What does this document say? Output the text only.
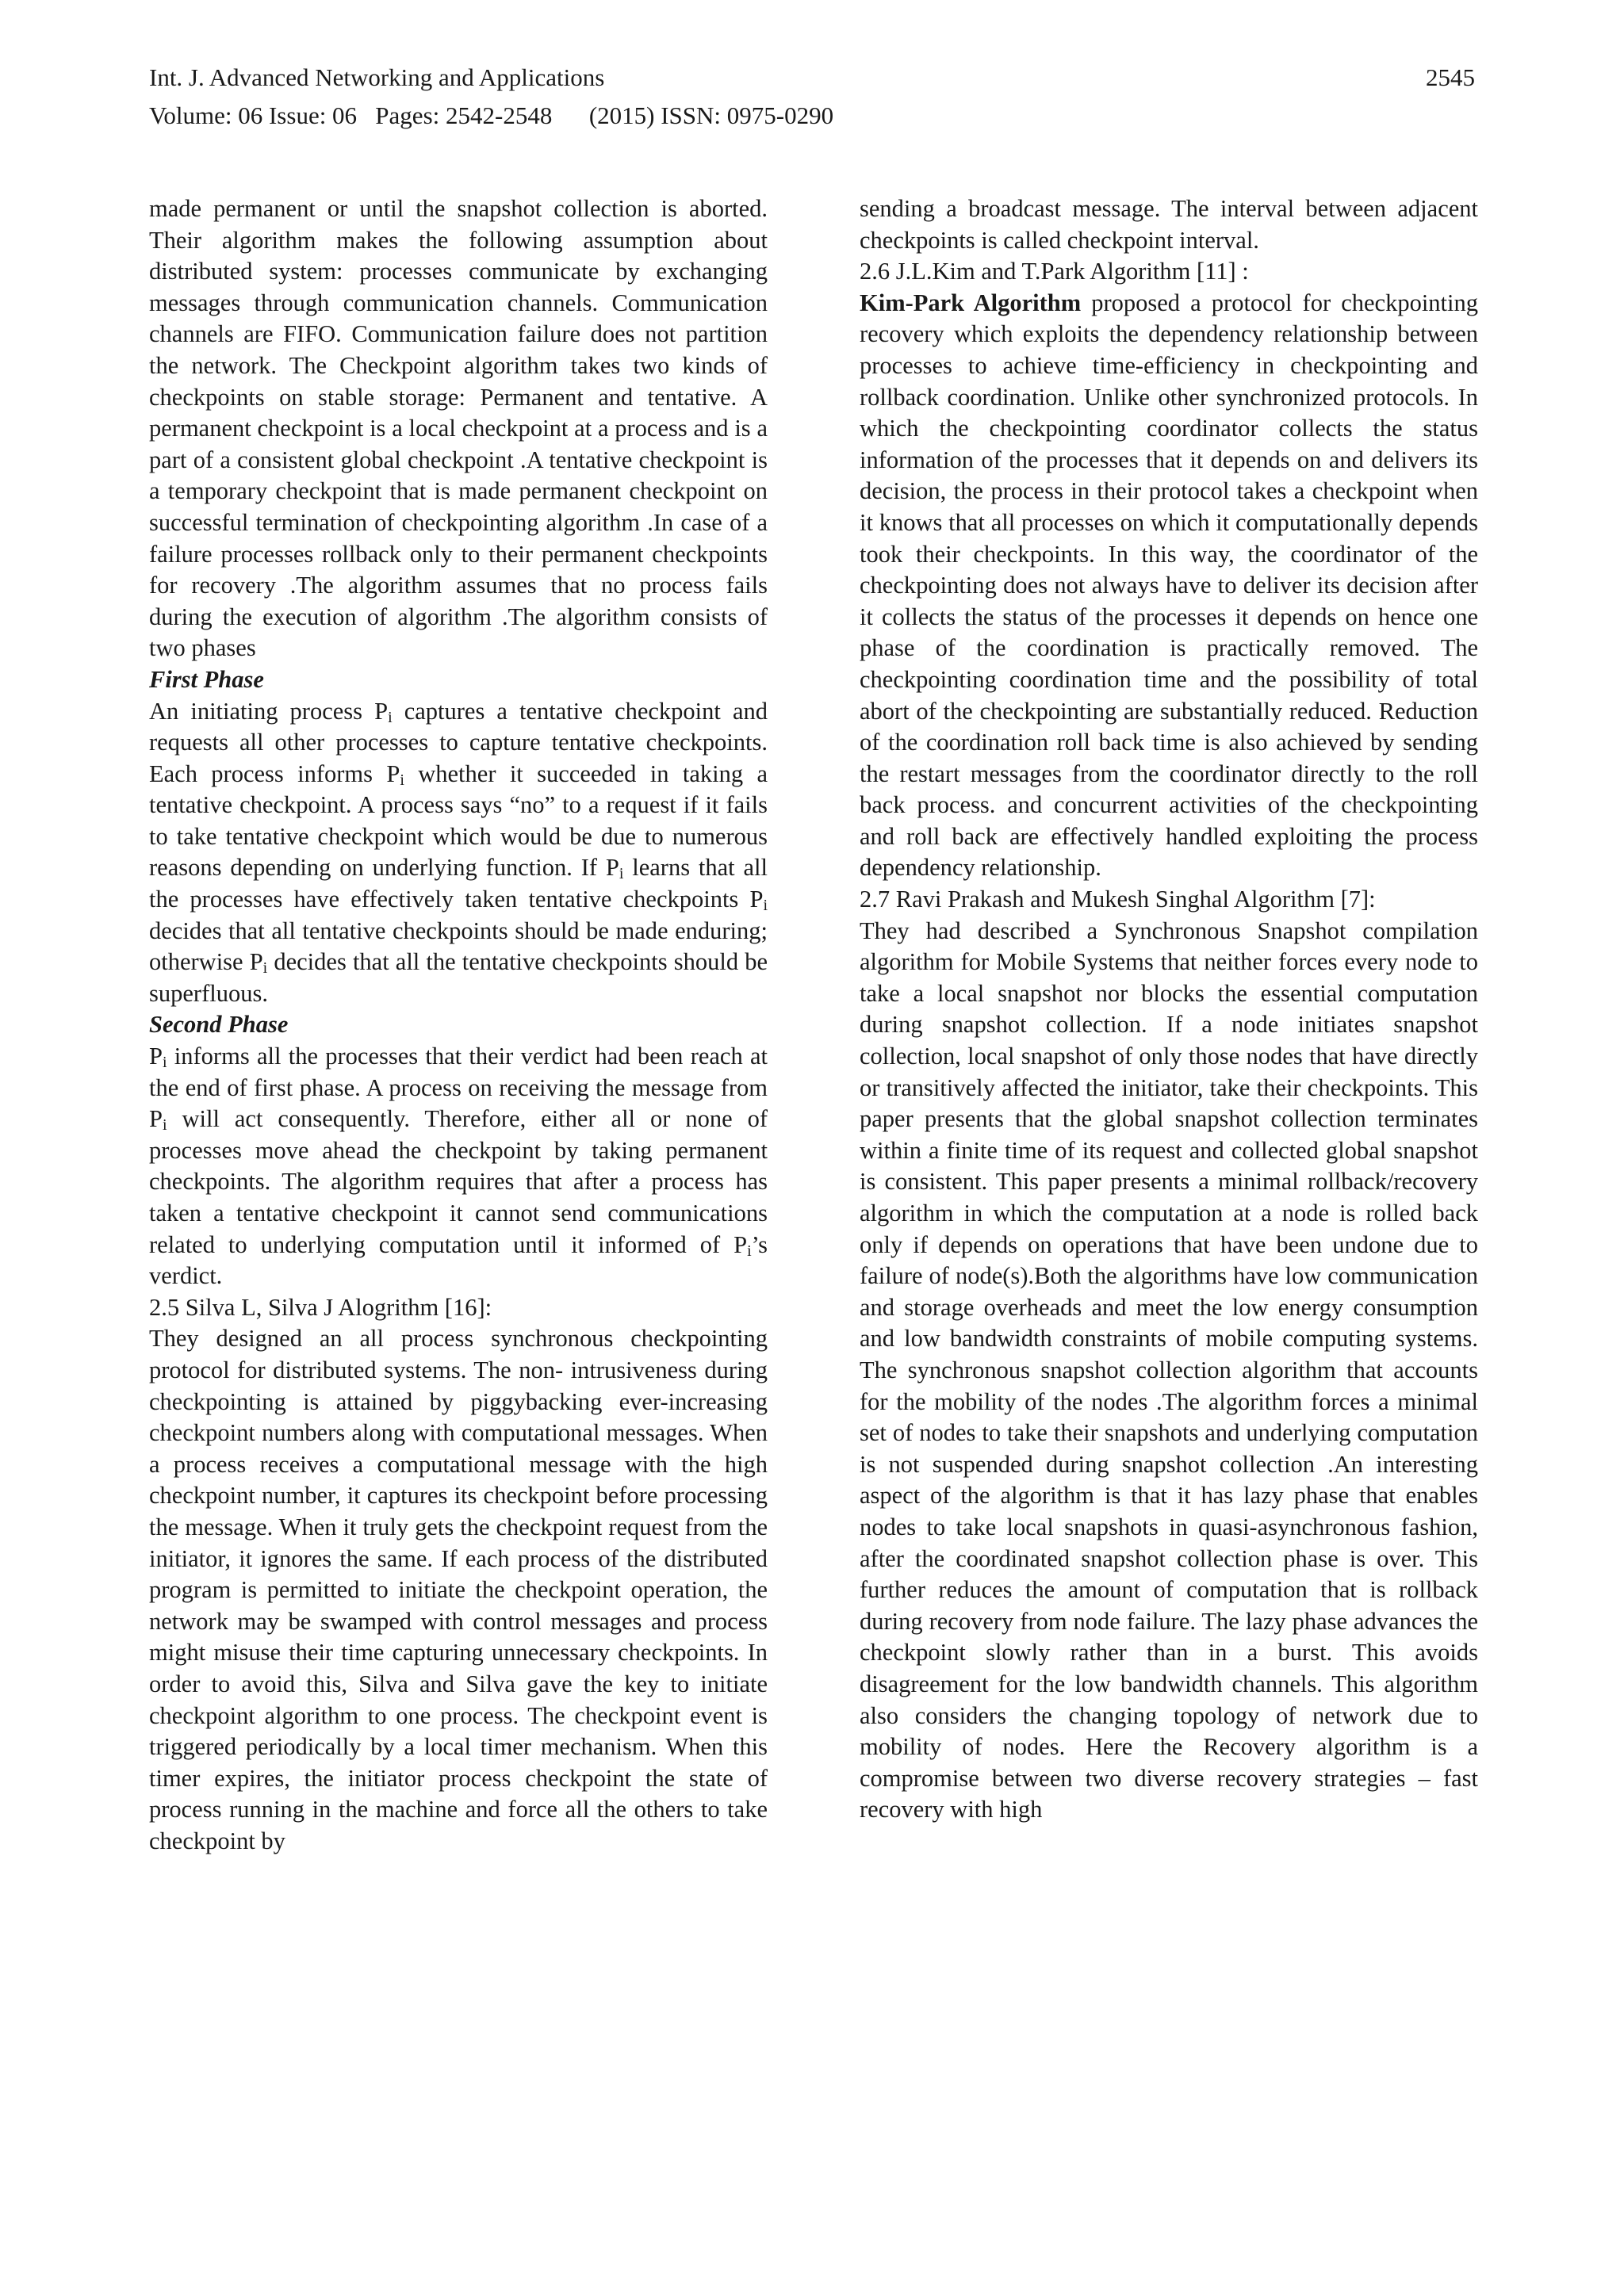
Int. J. Advanced Networking and Applications	2545
Volume: 06 Issue: 06   Pages: 2542-2548      (2015) ISSN: 0975-0290

made permanent or until the snapshot collection is aborted. Their algorithm makes the following assumption about distributed system: processes communicate by exchanging messages through communication channels. Communication channels are FIFO. Communication failure does not partition the network. The Checkpoint algorithm takes two kinds of checkpoints on stable storage: Permanent and tentative. A permanent checkpoint is a local checkpoint at a process and is a part of a consistent global checkpoint .A tentative checkpoint is a temporary checkpoint that is made permanent checkpoint on successful termination of checkpointing algorithm .In case of a failure processes rollback only to their permanent checkpoints for recovery .The algorithm assumes that no process fails during the execution of algorithm .The algorithm consists of two phases

First Phase

An initiating process $P_i$ captures a tentative checkpoint and requests all other processes to capture tentative checkpoints. Each process informs $P_i$ whether it succeeded in taking a tentative checkpoint. A process says “no” to a request if it fails to take tentative checkpoint which would be due to numerous reasons depending on underlying function. If $P_i$ learns that all the processes have effectively taken tentative checkpoints $P_i$ decides that all tentative checkpoints should be made enduring; otherwise $P_i$ decides that all the tentative checkpoints should be superfluous.

Second Phase

$P_i$ informs all the processes that their verdict had been reach at the end of first phase. A process on receiving the message from $P_i$ will act consequently. Therefore, either all or none of processes move ahead the checkpoint by taking permanent checkpoints. The algorithm requires that after a process has taken a tentative checkpoint it cannot send communications related to underlying computation until it informed of $P_i’s$ verdict.

2.5 Silva L, Silva J Alogrithm [16]:

They designed an all process synchronous checkpointing protocol for distributed systems. The non- intrusiveness during checkpointing is attained by piggybacking ever-increasing checkpoint numbers along with computational messages. When a process receives a computational message with the high checkpoint number, it captures its checkpoint before processing the message. When it truly gets the checkpoint request from the initiator, it ignores the same. If each process of the distributed program is permitted to initiate the checkpoint operation, the network may be swamped with control messages and process might misuse their time capturing unnecessary checkpoints. In order to avoid this, Silva and Silva gave the key to initiate checkpoint algorithm to one process. The checkpoint event is triggered periodically by a local timer mechanism. When this timer expires, the initiator process checkpoint the state of process running in the machine and force all the others to take checkpoint by

sending a broadcast message. The interval between adjacent checkpoints is called checkpoint interval.

2.6 J.L.Kim and T.Park Algorithm [11] :

Kim-Park Algorithm proposed a protocol for checkpointing recovery which exploits the dependency relationship between processes to achieve time-efficiency in checkpointing and rollback coordination. Unlike other synchronized protocols. In which the checkpointing coordinator collects the status information of the processes that it depends on and delivers its decision, the process in their protocol takes a checkpoint when it knows that all processes on which it computationally depends took their checkpoints. In this way, the coordinator of the checkpointing does not always have to deliver its decision after it collects the status of the processes it depends on hence one phase of the coordination is practically removed. The checkpointing coordination time and the possibility of total abort of the checkpointing are substantially reduced. Reduction of the coordination roll back time is also achieved by sending the restart messages from the coordinator directly to the roll back process. and concurrent activities of the checkpointing and roll back are effectively handled exploiting the process dependency relationship.

2.7 Ravi Prakash and Mukesh Singhal Algorithm [7]:

They had described a Synchronous Snapshot compilation algorithm for Mobile Systems that neither forces every node to take a local snapshot nor blocks the essential computation during snapshot collection. If a node initiates snapshot collection, local snapshot of only those nodes that have directly or transitively affected the initiator, take their checkpoints. This paper presents that the global snapshot collection terminates within a finite time of its request and collected global snapshot is consistent. This paper presents a minimal rollback/recovery algorithm in which the computation at a node is rolled back only if depends on operations that have been undone due to failure of node(s).Both the algorithms have low communication and storage overheads and meet the low energy consumption and low bandwidth constraints of mobile computing systems. The synchronous snapshot collection algorithm that accounts for the mobility of the nodes .The algorithm forces a minimal set of nodes to take their snapshots and underlying computation is not suspended during snapshot collection .An interesting aspect of the algorithm is that it has lazy phase that enables nodes to take local snapshots in quasi-asynchronous fashion, after the coordinated snapshot collection phase is over. This further reduces the amount of computation that is rollback during recovery from node failure. The lazy phase advances the checkpoint slowly rather than in a burst. This avoids disagreement for the low bandwidth channels. This algorithm also considers the changing topology of network due to mobility of nodes. Here the Recovery algorithm is a compromise between two diverse recovery strategies – fast recovery with high
